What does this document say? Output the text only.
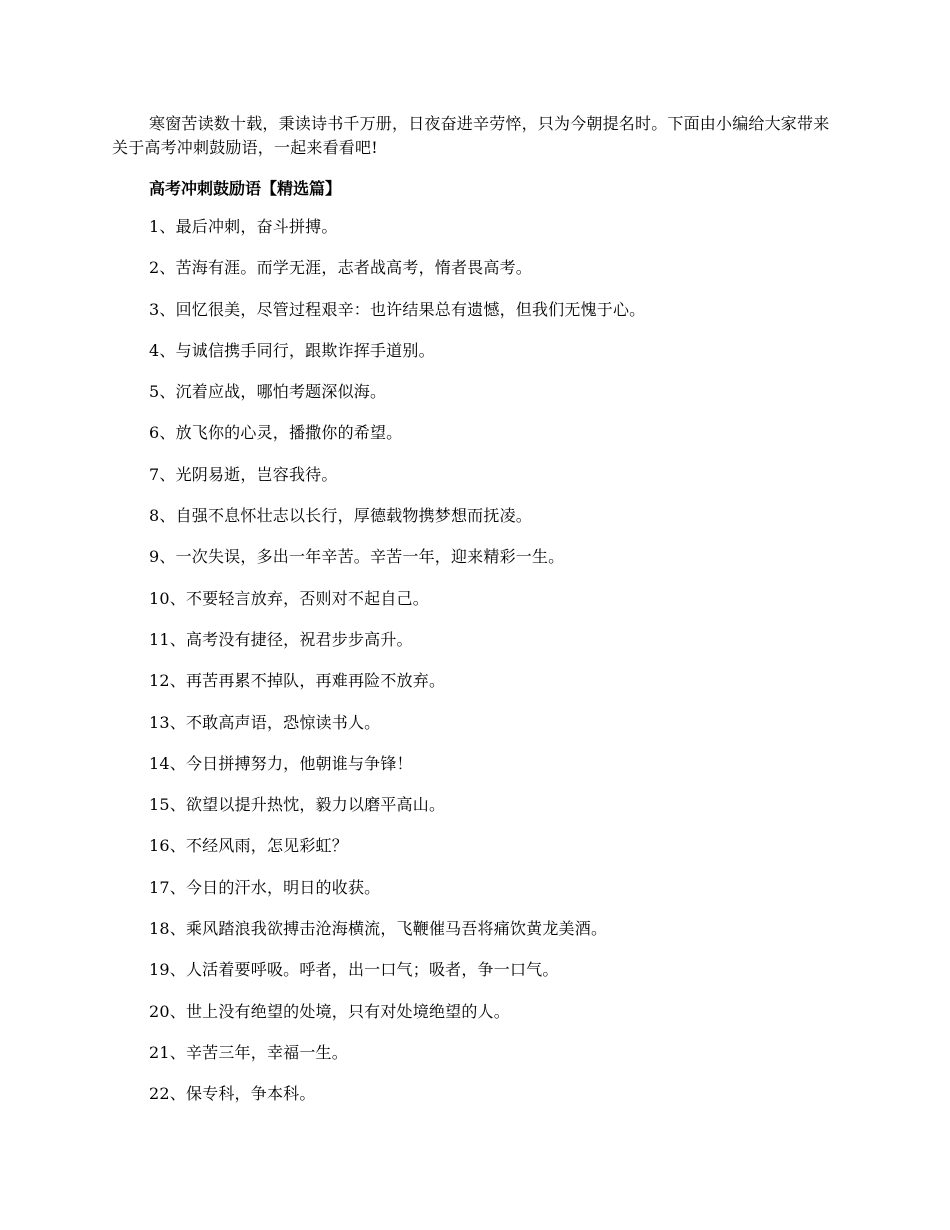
寒窗苦读数十载，秉读诗书千万册，日夜奋进辛劳悴，只为今朝提名时。下面由小编给大家带来关于高考冲刺鼓励语，一起来看看吧!

高考冲刺鼓励语【精选篇】
1、最后冲刺，奋斗拼搏。
2、苦海有涯。而学无涯，志者战高考，惰者畏高考。
3、回忆很美，尽管过程艰辛：也许结果总有遗憾，但我们无愧于心。
4、与诚信携手同行，跟欺诈挥手道别。
5、沉着应战，哪怕考题深似海。
6、放飞你的心灵，播撒你的希望。
7、光阴易逝，岂容我待。
8、自强不息怀壮志以长行，厚德载物携梦想而抚凌。
9、一次失误，多出一年辛苦。辛苦一年，迎来精彩一生。
10、不要轻言放弃，否则对不起自己。
11、高考没有捷径，祝君步步高升。
12、再苦再累不掉队，再难再险不放弃。
13、不敢高声语，恐惊读书人。
14、今日拼搏努力，他朝谁与争锋！
15、欲望以提升热忱，毅力以磨平高山。
16、不经风雨，怎见彩虹？
17、今日的汗水，明日的收获。
18、乘风踏浪我欲搏击沧海横流，飞鞭催马吾将痛饮黄龙美酒。
19、人活着要呼吸。呼者，出一口气；吸者，争一口气。
20、世上没有绝望的处境，只有对处境绝望的人。
21、辛苦三年，幸福一生。
22、保专科，争本科。
